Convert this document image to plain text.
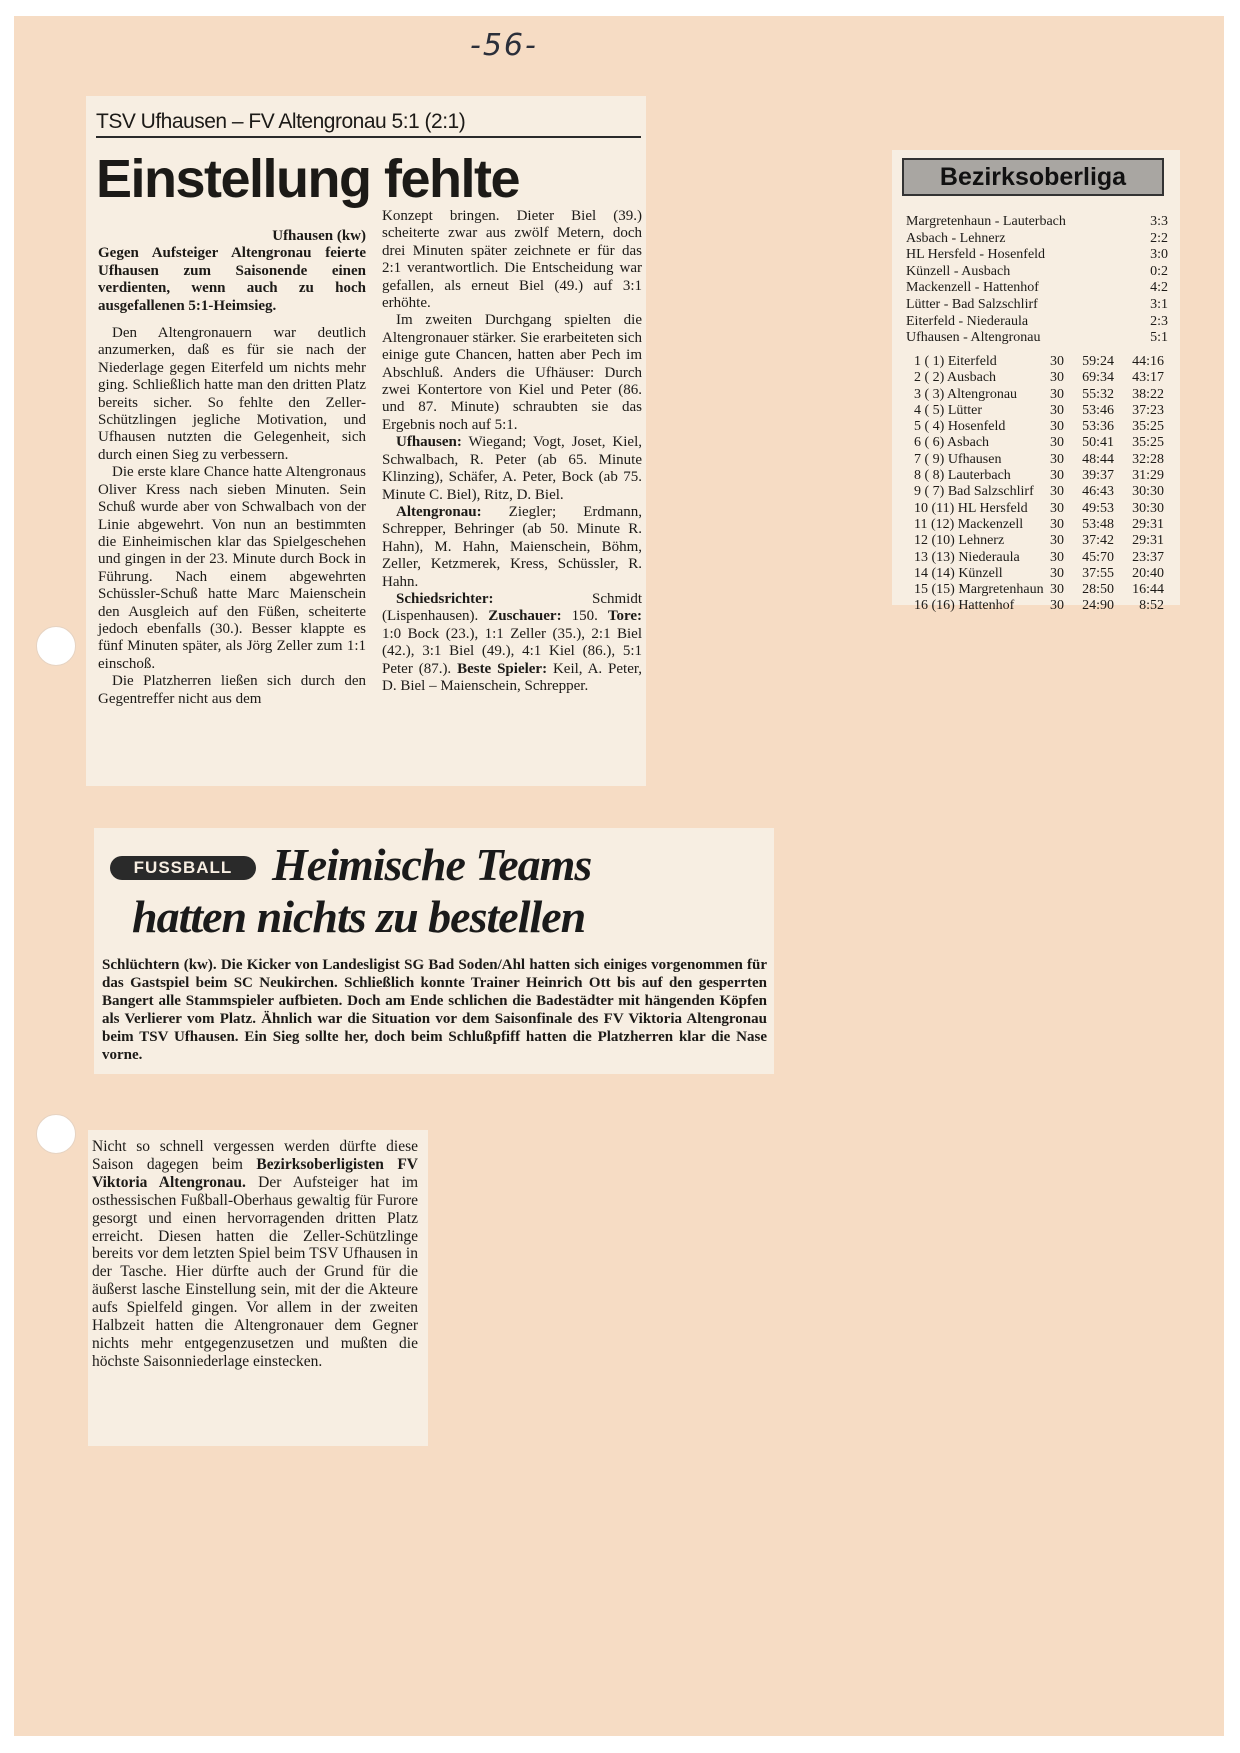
-56-
TSV Ufhausen – FV Altengronau 5:1 (2:1)
Einstellung fehlte

Ufhausen (kw)

Gegen Aufsteiger Altengronau feierte Ufhausen zum Saisonende einen verdienten, wenn auch zu hoch ausgefallenen 5:1-Heimsieg.

Den Altengronauern war deutlich anzumerken, daß es für sie nach der Niederlage gegen Eiterfeld um nichts mehr ging. Schließlich hatte man den dritten Platz bereits sicher. So fehlte den Zeller-Schützlingen jegliche Motivation, und Ufhausen nutzten die Gelegenheit, sich durch einen Sieg zu verbessern.

Die erste klare Chance hatte Altengronaus Oliver Kress nach sieben Minuten. Sein Schuß wurde aber von Schwalbach von der Linie abgewehrt. Von nun an bestimmten die Einheimischen klar das Spielgeschehen und gingen in der 23. Minute durch Bock in Führung. Nach einem abgewehrten Schüssler-Schuß hatte Marc Maienschein den Ausgleich auf den Füßen, scheiterte jedoch ebenfalls (30.). Besser klappte es fünf Minuten später, als Jörg Zeller zum 1:1 einschoß.

Die Platzherren ließen sich durch den Gegentreffer nicht aus dem

Konzept bringen. Dieter Biel (39.) scheiterte zwar aus zwölf Metern, doch drei Minuten später zeichnete er für das 2:1 verantwortlich. Die Entscheidung war gefallen, als erneut Biel (49.) auf 3:1 erhöhte.

Im zweiten Durchgang spielten die Altengronauer stärker. Sie erarbeiteten sich einige gute Chancen, hatten aber Pech im Abschluß. Anders die Ufhäuser: Durch zwei Kontertore von Kiel und Peter (86. und 87. Minute) schraubten sie das Ergebnis noch auf 5:1.

Ufhausen: Wiegand; Vogt, Joset, Kiel, Schwalbach, R. Peter (ab 65. Minute Klinzing), Schäfer, A. Peter, Bock (ab 75. Minute C. Biel), Ritz, D. Biel.

Altengronau: Ziegler; Erdmann, Schrepper, Behringer (ab 50. Minute R. Hahn), M. Hahn, Maienschein, Böhm, Zeller, Ketzmerek, Kress, Schüssler, R. Hahn.

Schiedsrichter:	Schmidt (Lispenhausen). Zuschauer: 150. Tore: 1:0 Bock (23.), 1:1 Zeller (35.), 2:1 Biel (42.), 3:1 Biel (49.), 4:1 Kiel (86.), 5:1 Peter (87.). Beste Spieler: Keil, A. Peter, D. Biel – Maienschein, Schrepper.

Bezirksoberliga
Margretenhaun - Lauterbach	3:3
Asbach - Lehnerz	2:2
HL Hersfeld - Hosenfeld	3:0
Künzell - Ausbach	0:2
Mackenzell - Hattenhof	4:2
Lütter - Bad Salzschlirf	3:1
Eiterfeld - Niederaula	2:3
Ufhausen - Altengronau	5:1
1 ( 1) Eiterfeld	30	59:24	44:16
2 ( 2) Ausbach	30	69:34	43:17
3 ( 3) Altengronau	30	55:32	38:22
4 ( 5) Lütter	30	53:46	37:23
5 ( 4) Hosenfeld	30	53:36	35:25
6 ( 6) Asbach	30	50:41	35:25
7 ( 9) Ufhausen	30	48:44	32:28
8 ( 8) Lauterbach	30	39:37	31:29
9 ( 7) Bad Salzschlirf	30	46:43	30:30
10 (11) HL Hersfeld	30	49:53	30:30
11 (12) Mackenzell	30	53:48	29:31
12 (10) Lehnerz	30	37:42	29:31
13 (13) Niederaula	30	45:70	23:37
14 (14) Künzell	30	37:55	20:40
15 (15) Margretenhaun 30	28:50	16:44
16 (16) Hattenhof	30	24:90	8:52
FUSSBALL Heimische Teams
hatten nichts zu bestellen
Schlüchtern (kw). Die Kicker von Landesligist SG Bad Soden/Ahl hatten sich einiges vorgenommen für das Gastspiel beim SC Neukirchen. Schließlich konnte Trainer Heinrich Ott bis auf den gesperrten Bangert alle Stammspieler aufbieten. Doch am Ende schlichen die Badestädter mit hängenden Köpfen als Verlierer vom Platz. Ähnlich war die Situation vor dem Saisonfinale des FV Viktoria Altengronau beim TSV Ufhausen. Ein Sieg sollte her, doch beim Schlußpfiff hatten die Platzherren klar die Nase vorne.
Nicht so schnell vergessen werden dürfte diese Saison dagegen beim Bezirksoberligisten FV Viktoria Altengronau. Der Aufsteiger hat im osthessischen Fußball-Oberhaus gewaltig für Furore gesorgt und einen hervorragenden dritten Platz erreicht. Diesen hatten die Zeller-Schützlinge bereits vor dem letzten Spiel beim TSV Ufhausen in der Tasche. Hier dürfte auch der Grund für die äußerst lasche Einstellung sein, mit der die Akteure aufs Spielfeld gingen. Vor allem in der zweiten Halbzeit hatten die Altengronauer dem Gegner nichts mehr entgegenzusetzen und mußten die höchste Saisonniederlage einstecken.
